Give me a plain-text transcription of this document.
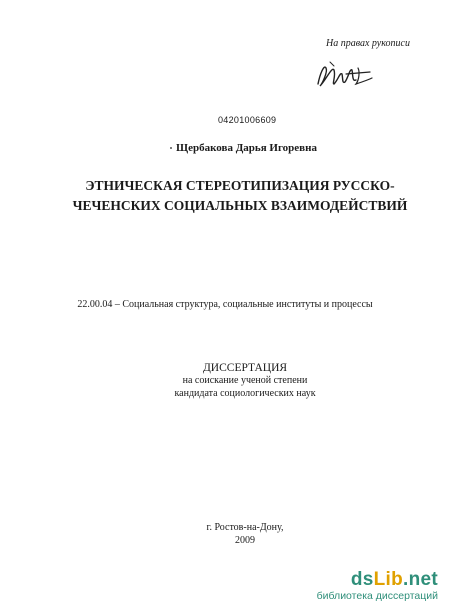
На правах рукописи
04201006609
Щербакова Дарья Игоревна
ЭТНИЧЕСКАЯ СТЕРЕОТИПИЗАЦИЯ РУССКО-
ЧЕЧЕНСКИХ СОЦИАЛЬНЫХ ВЗАИМОДЕЙСТВИЙ
22.00.04 – Социальная структура, социальные институты и процессы
ДИССЕРТАЦИЯ
на соискание ученой степени
кандидата социологических наук
г. Ростов-на-Дону,
2009
dsLib.net
библиотека диссертаций
